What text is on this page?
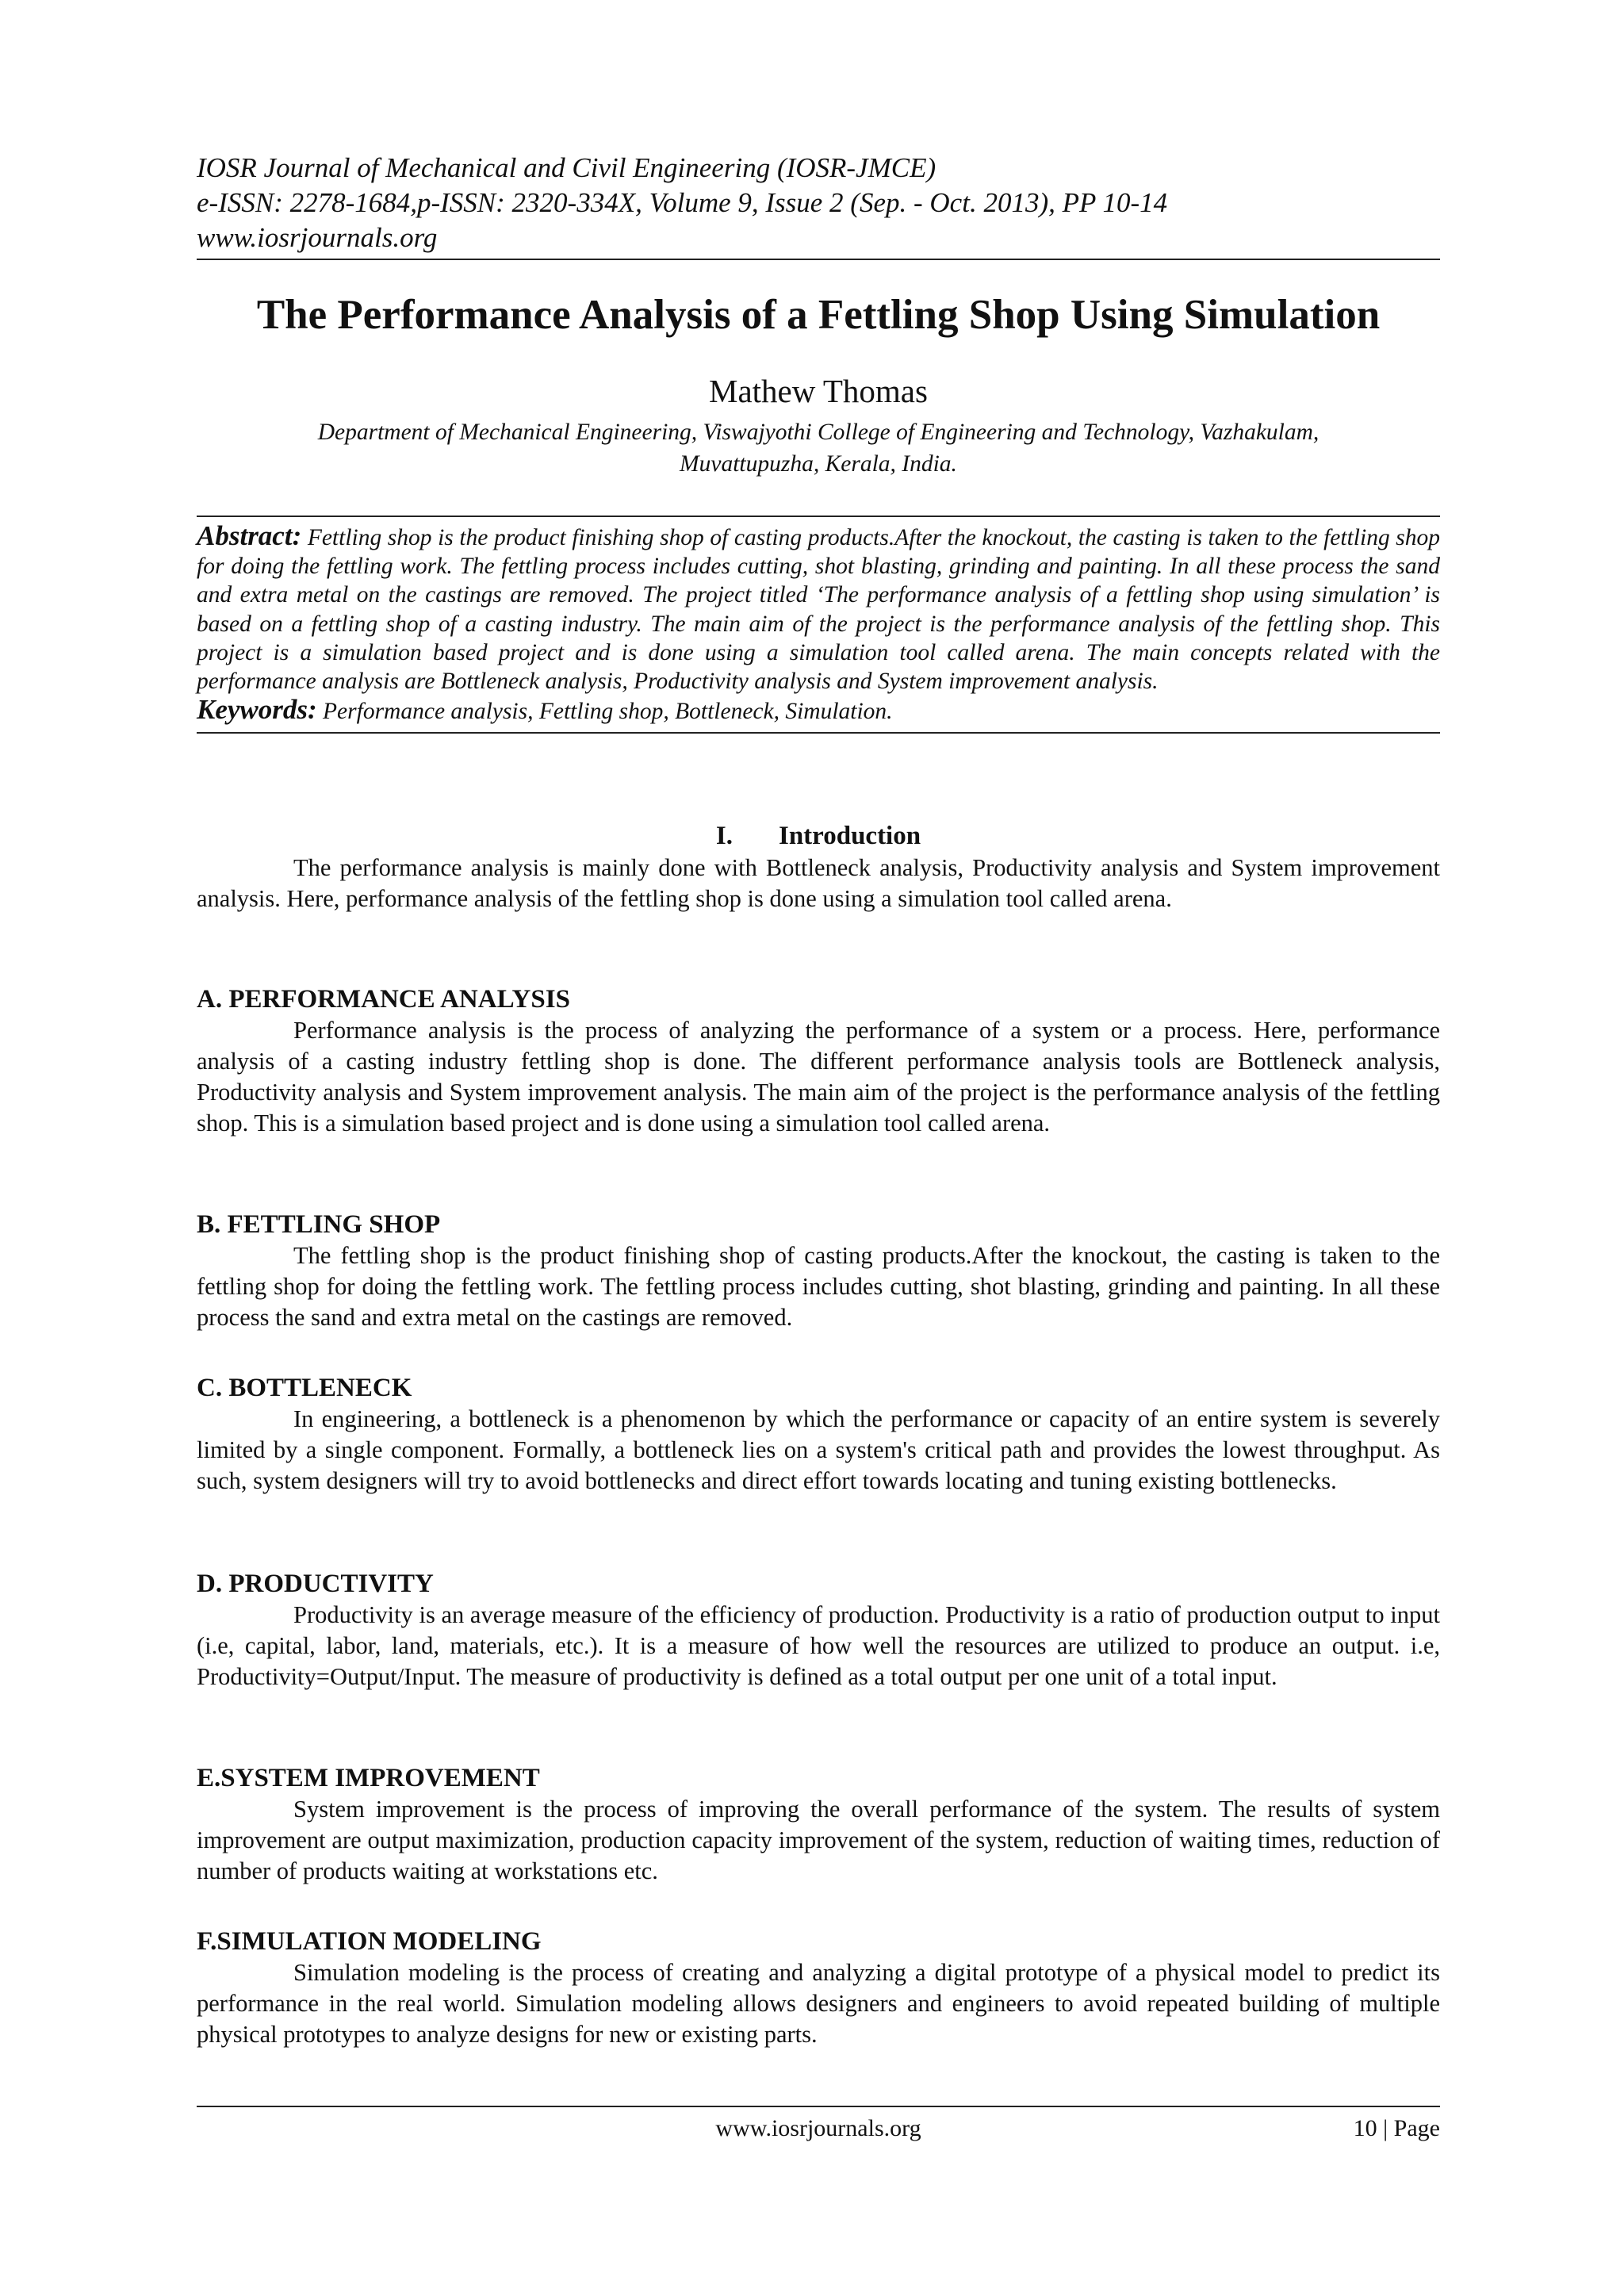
IOSR Journal of Mechanical and Civil Engineering (IOSR-JMCE)
e-ISSN: 2278-1684,p-ISSN: 2320-334X, Volume 9, Issue 2 (Sep. - Oct. 2013), PP 10-14
www.iosrjournals.org
The Performance Analysis of a Fettling Shop Using Simulation
Mathew Thomas
Department of Mechanical Engineering, Viswajyothi College of Engineering and Technology, Vazhakulam,
Muvattupuzha, Kerala, India.
Abstract: Fettling shop is the product finishing shop of casting products.After the knockout, the casting is taken to the fettling shop for doing the fettling work. The fettling process includes cutting, shot blasting, grinding and painting. In all these process the sand and extra metal on the castings are removed. The project titled ‘The performance analysis of a fettling shop using simulation’ is based on a fettling shop of a casting industry. The main aim of the project is the performance analysis of the fettling shop. This project is a simulation based project and is done using a simulation tool called arena. The main concepts related with the performance analysis are Bottleneck analysis, Productivity analysis and System improvement analysis.
Keywords: Performance analysis, Fettling shop, Bottleneck, Simulation.
I. Introduction

The performance analysis is mainly done with Bottleneck analysis, Productivity analysis and System improvement analysis. Here, performance analysis of the fettling shop is done using a simulation tool called arena.

A. PERFORMANCE ANALYSIS

Performance analysis is the process of analyzing the performance of a system or a process. Here, performance analysis of a casting industry fettling shop is done. The different performance analysis tools are Bottleneck analysis, Productivity analysis and System improvement analysis. The main aim of the project is the performance analysis of the fettling shop. This is a simulation based project and is done using a simulation tool called arena.

B. FETTLING SHOP

The fettling shop is the product finishing shop of casting products.After the knockout, the casting is taken to the fettling shop for doing the fettling work. The fettling process includes cutting, shot blasting, grinding and painting. In all these process the sand and extra metal on the castings are removed.

C. BOTTLENECK

In engineering, a bottleneck is a phenomenon by which the performance or capacity of an entire system is severely limited by a single component. Formally, a bottleneck lies on a system's critical path and provides the lowest throughput. As such, system designers will try to avoid bottlenecks and direct effort towards locating and tuning existing bottlenecks.

D. PRODUCTIVITY

Productivity is an average measure of the efficiency of production. Productivity is a ratio of production output to input (i.e, capital, labor, land, materials, etc.). It is a measure of how well the resources are utilized to produce an output. i.e, Productivity=Output/Input. The measure of productivity is defined as a total output per one unit of a total input.

E.SYSTEM IMPROVEMENT

System improvement is the process of improving the overall performance of the system. The results of system improvement are output maximization, production capacity improvement of the system, reduction of waiting times, reduction of number of products waiting at workstations etc.

F.SIMULATION MODELING

Simulation modeling is the process of creating and analyzing a digital prototype of a physical model to predict its performance in the real world. Simulation modeling allows designers and engineers to avoid repeated building of multiple physical prototypes to analyze designs for new or existing parts.

www.iosrjournals.org	10 | Page
